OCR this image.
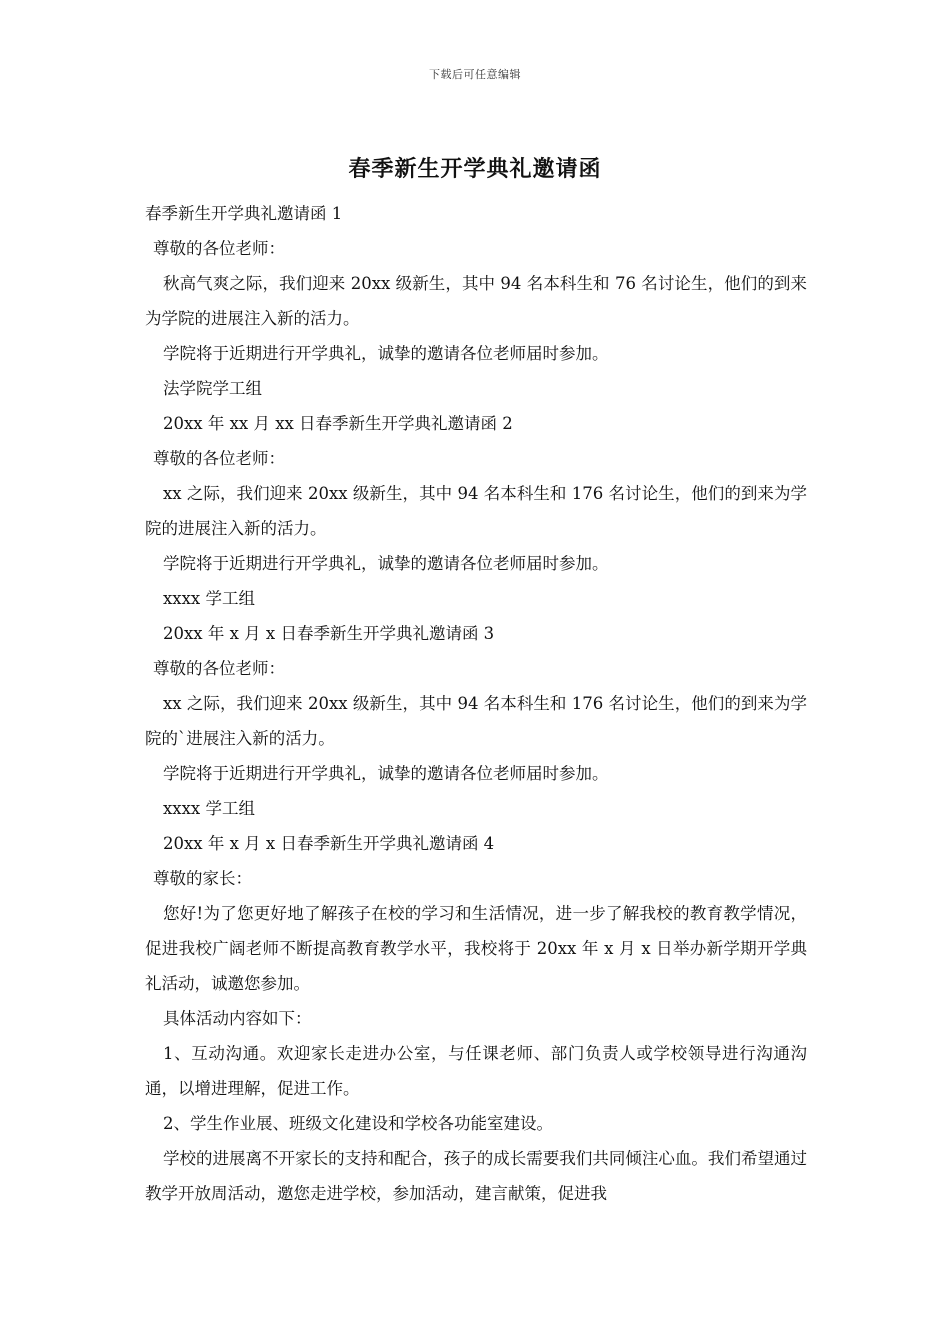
下载后可任意编辑
春季新生开学典礼邀请函

春季新生开学典礼邀请函 1

尊敬的各位老师：

秋高气爽之际，我们迎来 20xx 级新生，其中 94 名本科生和 76 名讨论生，他们的到来为学院的进展注入新的活力。

学院将于近期进行开学典礼，诚挚的邀请各位老师届时参加。

法学院学工组

20xx 年 xx 月 xx 日春季新生开学典礼邀请函 2

尊敬的各位老师：

xx 之际，我们迎来 20xx 级新生，其中 94 名本科生和 176 名讨论生，他们的到来为学院的进展注入新的活力。

学院将于近期进行开学典礼，诚挚的邀请各位老师届时参加。

xxxx 学工组

20xx 年 x 月 x 日春季新生开学典礼邀请函 3

尊敬的各位老师：

xx 之际，我们迎来 20xx 级新生，其中 94 名本科生和 176 名讨论生，他们的到来为学院的`进展注入新的活力。

学院将于近期进行开学典礼，诚挚的邀请各位老师届时参加。

xxxx 学工组

20xx 年 x 月 x 日春季新生开学典礼邀请函 4

尊敬的家长：

您好!为了您更好地了解孩子在校的学习和生活情况，进一步了解我校的教育教学情况，促进我校广阔老师不断提高教育教学水平，我校将于 20xx 年 x 月 x 日举办新学期开学典礼活动，诚邀您参加。

具体活动内容如下：

1、互动沟通。欢迎家长走进办公室，与任课老师、部门负责人或学校领导进行沟通沟通，以增进理解，促进工作。

2、学生作业展、班级文化建设和学校各功能室建设。

学校的进展离不开家长的支持和配合，孩子的成长需要我们共同倾注心血。我们希望通过教学开放周活动，邀您走进学校，参加活动，建言献策，促进我
